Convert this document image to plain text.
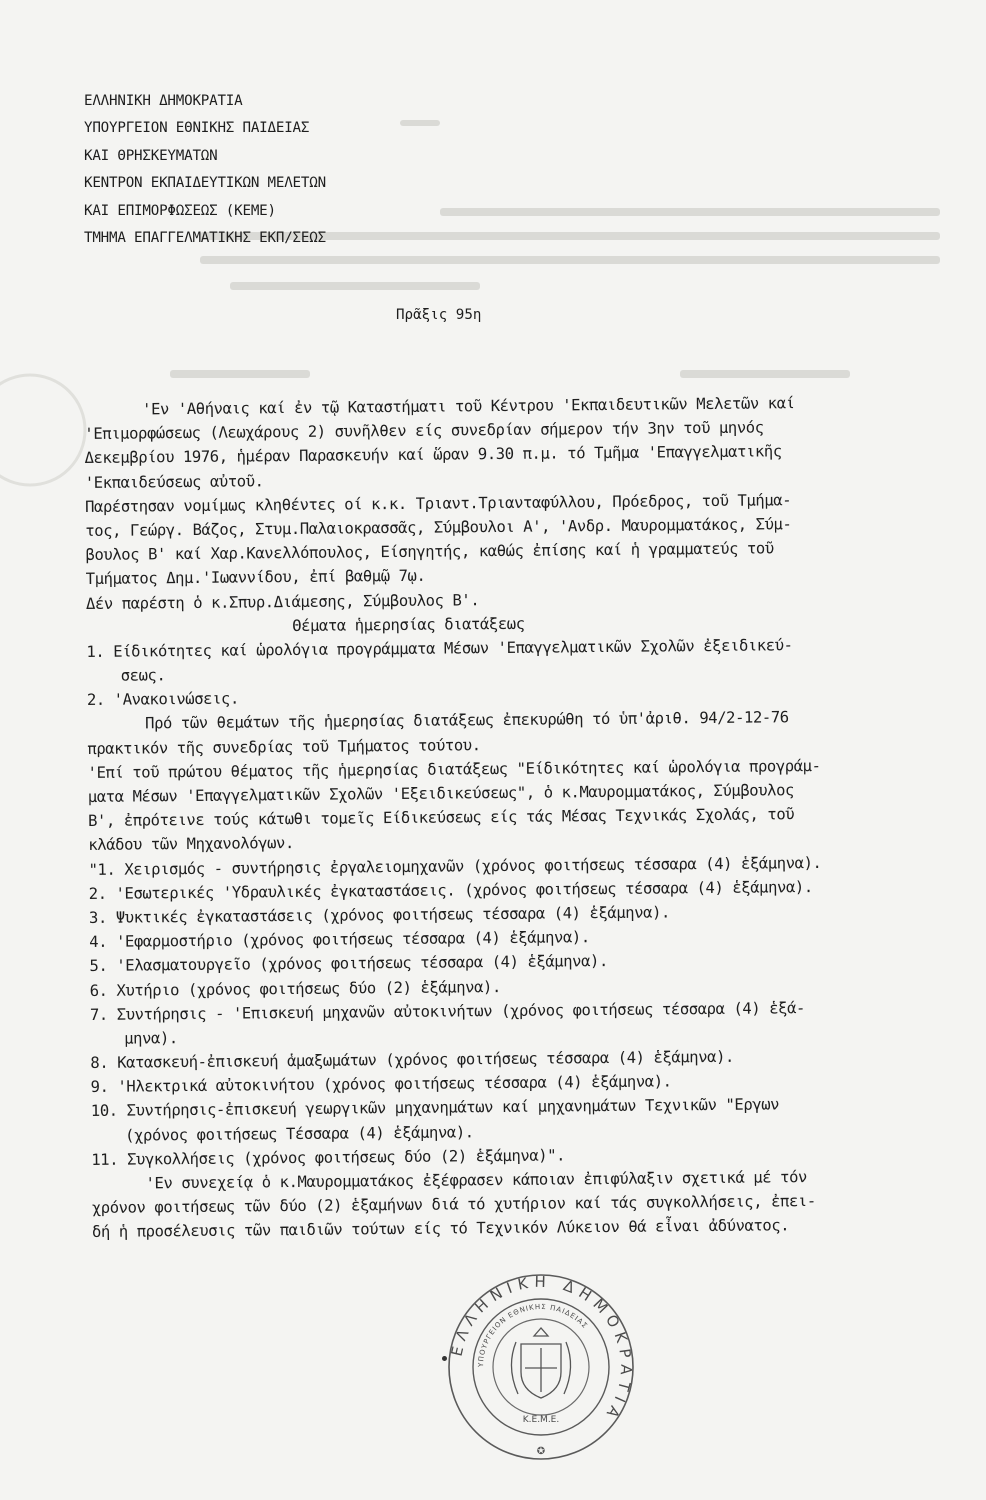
ΕΛΛΗΝΙΚΗ ΔΗΜΟΚΡΑΤΙΑ
ΥΠΟΥΡΓΕΙΟΝ ΕΘΝΙΚΗΣ ΠΑΙΔΕΙΑΣ
ΚΑΙ ΘΡΗΣΚΕΥΜΑΤΩΝ
ΚΕΝΤΡΟΝ ΕΚΠΑΙΔΕΥΤΙΚΩΝ ΜΕΛΕΤΩΝ
ΚΑΙ ΕΠΙΜΟΡΦΩΣΕΩΣ (ΚΕΜΕ)
ΤΜΗΜΑ ΕΠΑΓΓΕΛΜΑΤΙΚΗΣ ΕΚΠ/ΣΕΩΣ
Πρᾶξις 95η
'Εν 'Αθήναις καί ἐν τῷ Καταστήματι τοῦ Κέντρου 'Εκπαιδευτικῶν Μελετῶν καί
'Επιμορφώσεως (Λεωχάρους 2) συνῆλθεν είς συνεδρίαν σήμερον τήν 3ην τοῦ μηνός
Δεκεμβρίου 1976, ἡμέραν Παρασκευήν καί ὥραν 9.30 π.μ. τό Τμῆμα 'Επαγγελματικῆς
'Εκπαιδεύσεως αὐτοῦ.
Παρέστησαν νομίμως κληθέντες οί κ.κ. Τριαντ.Τριανταφύλλου, Πρόεδρος, τοῦ Τμήμα-
τος, Γεώργ. Βάζος, Στυμ.Παλαιοκρασσᾶς, Σύμβουλοι Α', 'Ανδρ. Μαυρομματάκος, Σύμ-
βουλος Β' καί Χαρ.Κανελλόπουλος, Είσηγητής, καθώς ἐπίσης καί ἡ γραμματεύς τοῦ
Τμήματος Δημ.'Ιωαννίδου, ἐπί βαθμῷ 7ῳ.
Δέν παρέστη ὁ κ.Σπυρ.Διάμεσης, Σύμβουλος Β'.
Θέματα ἡμερησίας διατάξεως
1. Είδικότητες καί ὡρολόγια προγράμματα Μέσων 'Επαγγελματικῶν Σχολῶν ἐξειδικεύ-
σεως.
2. 'Ανακοινώσεις.
Πρό τῶν θεμάτων τῆς ἡμερησίας διατάξεως ἐπεκυρώθη τό ὑπ'ἀριθ. 94/2-12-76
πρακτικόν τῆς συνεδρίας τοῦ Τμήματος τούτου.
'Επί τοῦ πρώτου θέματος τῆς ἡμερησίας διατάξεως "Είδικότητες καί ὡρολόγια προγράμ-
ματα Μέσων 'Επαγγελματικῶν Σχολῶν 'Εξειδικεύσεως", ὁ κ.Μαυρομματάκος, Σύμβουλος
Β', ἐπρότεινε τούς κάτωθι τομεῖς Είδικεύσεως είς τάς Μέσας Τεχνικάς Σχολάς, τοῦ
κλάδου τῶν Μηχανολόγων.
"1. Χειρισμός - συντήρησις ἐργαλειομηχανῶν (χρόνος φοιτήσεως τέσσαρα (4) ἑξάμηνα).
2. 'Εσωτερικές 'Υδραυλικές ἐγκαταστάσεις. (χρόνος φοιτήσεως τέσσαρα (4) ἑξάμηνα).
3. Ψυκτικές ἐγκαταστάσεις (χρόνος φοιτήσεως τέσσαρα (4) ἑξάμηνα).
4. 'Εφαρμοστήριο (χρόνος φοιτήσεως τέσσαρα (4) ἑξάμηνα).
5. 'Ελασματουργεῖο (χρόνος φοιτήσεως τέσσαρα (4) ἑξάμηνα).
6. Χυτήριο (χρόνος φοιτήσεως δύο (2) ἑξάμηνα).
7. Συντήρησις - 'Επισκευή μηχανῶν αὐτοκινήτων (χρόνος φοιτήσεως τέσσαρα (4) ἑξά-
μηνα).
8. Κατασκευή-ἐπισκευή ἁμαξωμάτων (χρόνος φοιτήσεως τέσσαρα (4) ἑξάμηνα).
9. 'Ηλεκτρικά αὐτοκινήτου (χρόνος φοιτήσεως τέσσαρα (4) ἑξάμηνα).
10. Συντήρησις-ἐπισκευή γεωργικῶν μηχανημάτων καί μηχανημάτων Τεχνικῶν "Εργων
(χρόνος φοιτήσεως Τέσσαρα (4) ἑξάμηνα).
11. Συγκολλήσεις (χρόνος φοιτήσεως δύο (2) ἑξάμηνα)".
'Εν συνεχείᾳ ὁ κ.Μαυρομματάκος ἐξέφρασεν κάποιαν ἐπιφύλαξιν σχετικά μέ τόν
χρόνον φοιτήσεως τῶν δύο (2) ἑξαμήνων διά τό χυτήριον καί τάς συγκολλήσεις, ἐπει-
δή ἡ προσέλευσις τῶν παιδιῶν τούτων είς τό Τεχνικόν Λύκειον θά εἶναι ἀδύνατος.
ΕΛΛΗΝΙΚΗ ΔΗΜΟΚΡΑΤΙΑ
ΥΠΟΥΡΓΕΙΟΝ ΕΘΝΙΚΗΣ ΠΑΙΔΕΙΑΣ
Κ.Ε.Μ.Ε.
✪
